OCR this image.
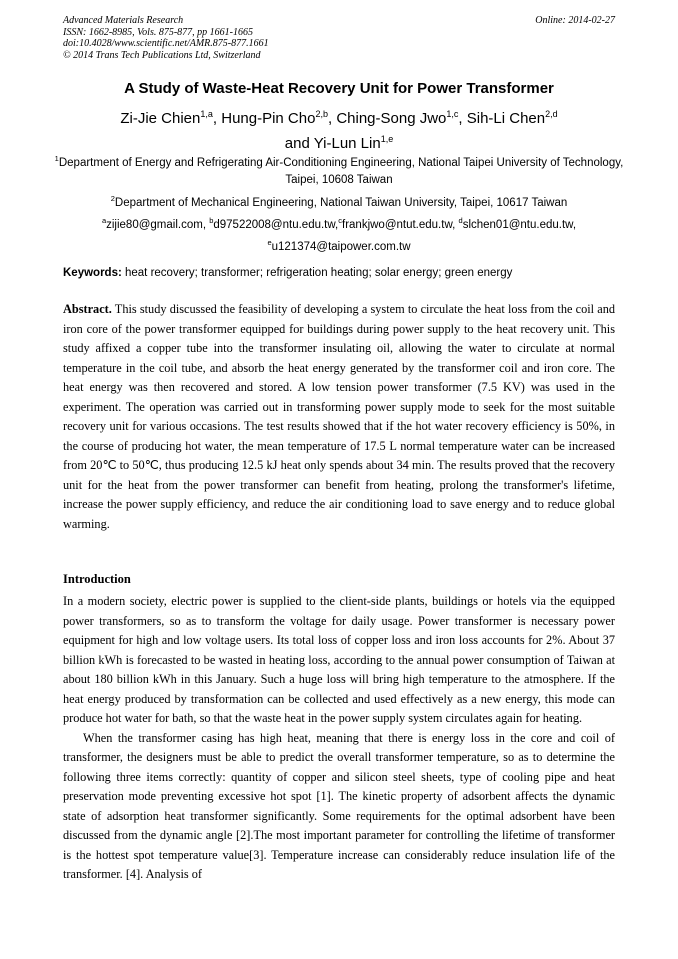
Advanced Materials Research
ISSN: 1662-8985, Vols. 875-877, pp 1661-1665
doi:10.4028/www.scientific.net/AMR.875-877.1661
© 2014 Trans Tech Publications Ltd, Switzerland
Online: 2014-02-27
A Study of Waste-Heat Recovery Unit for Power Transformer
Zi-Jie Chien$^{1,a}$, Hung-Pin Cho$^{2,b}$, Ching-Song Jwo$^{1,c}$, Sih-Li Chen$^{2,d}$
and Yi-Lun Lin$^{1,e}$
$^1$Department of Energy and Refrigerating Air-Conditioning Engineering, National Taipei University of Technology, Taipei, 10608 Taiwan
$^2$Department of Mechanical Engineering, National Taiwan University, Taipei, 10617 Taiwan
$^a$zijie80@gmail.com, $^b$d97522008@ntu.edu.tw,$^c$frankjwo@ntut.edu.tw, $^d$slchen01@ntu.edu.tw,
$^e$u121374@taipower.com.tw
Keywords: heat recovery; transformer; refrigeration heating; solar energy; green energy

Abstract. This study discussed the feasibility of developing a system to circulate the heat loss from the coil and iron core of the power transformer equipped for buildings during power supply to the heat recovery unit. This study affixed a copper tube into the transformer insulating oil, allowing the water to circulate at normal temperature in the coil tube, and absorb the heat energy generated by the transformer coil and iron core. The heat energy was then recovered and stored. A low tension power transformer (7.5 KV) was used in the experiment. The operation was carried out in transforming power supply mode to seek for the most suitable recovery unit for various occasions. The test results showed that if the hot water recovery efficiency is 50%, in the course of producing hot water, the mean temperature of 17.5 L normal temperature water can be increased from 20℃ to 50℃, thus producing 12.5 kJ heat only spends about 34 min. The results proved that the recovery unit for the heat from the power transformer can benefit from heating, prolong the transformer's lifetime, increase the power supply efficiency, and reduce the air conditioning load to save energy and to reduce global warming.

Introduction

In a modern society, electric power is supplied to the client-side plants, buildings or hotels via the equipped power transformers, so as to transform the voltage for daily usage. Power transformer is necessary power equipment for high and low voltage users. Its total loss of copper loss and iron loss accounts for 2%. About 37 billion kWh is forecasted to be wasted in heating loss, according to the annual power consumption of Taiwan at about 180 billion kWh in this January. Such a huge loss will bring high temperature to the atmosphere. If the heat energy produced by transformation can be collected and used effectively as a new energy, this mode can produce hot water for bath, so that the waste heat in the power supply system circulates again for heating.

When the transformer casing has high heat, meaning that there is energy loss in the core and coil of transformer, the designers must be able to predict the overall transformer temperature, so as to determine the following three items correctly: quantity of copper and silicon steel sheets, type of cooling pipe and heat preservation mode preventing excessive hot spot [1]. The kinetic property of adsorbent affects the dynamic state of adsorption heat transformer significantly. Some requirements for the optimal adsorbent have been discussed from the dynamic angle [2].The most important parameter for controlling the lifetime of transformer is the hottest spot temperature value[3]. Temperature increase can considerably reduce insulation life of the transformer. [4]. Analysis of
